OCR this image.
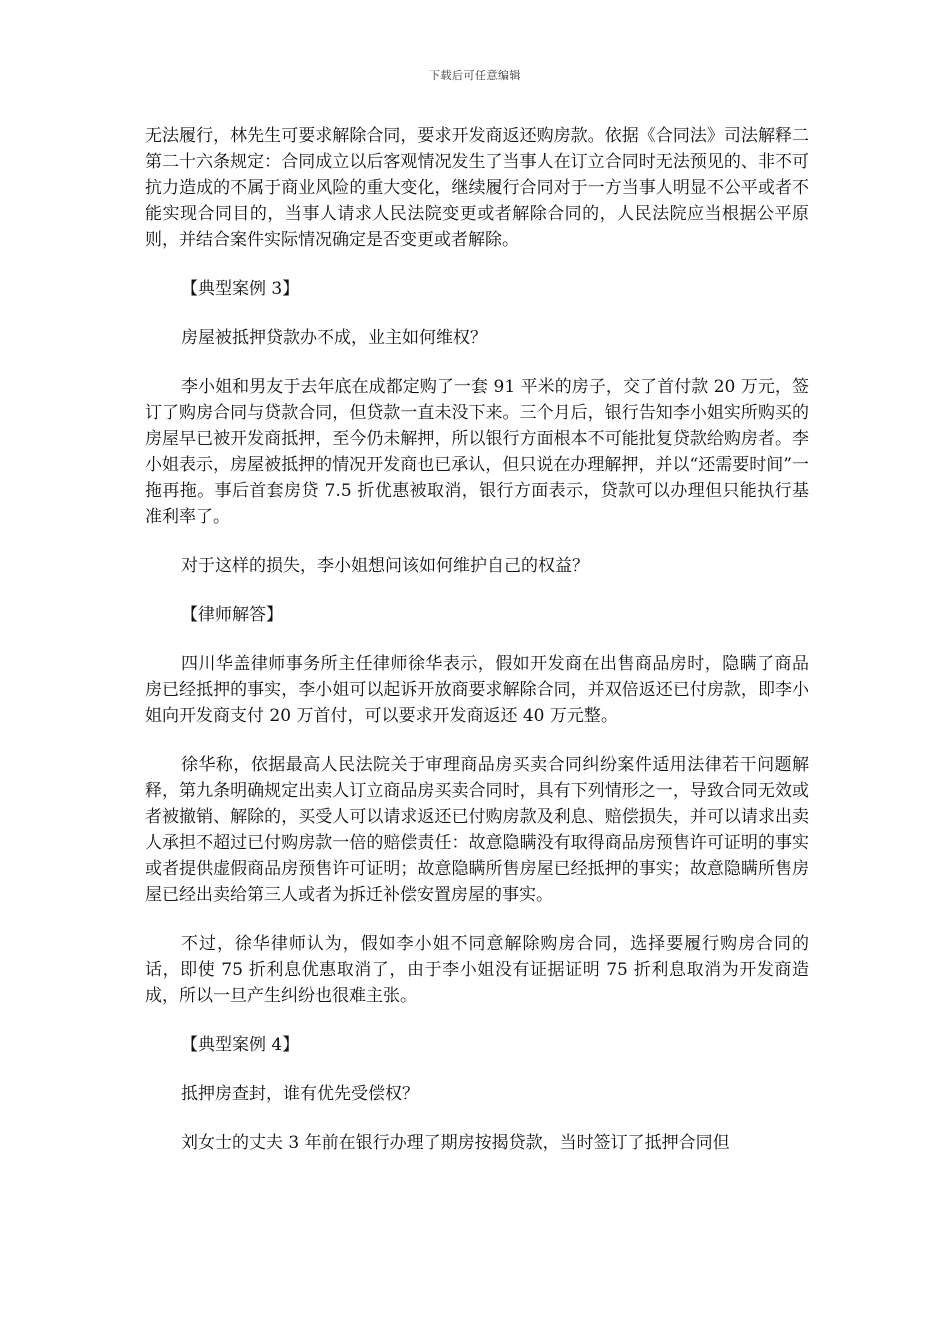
下载后可任意编辑

无法履行，林先生可要求解除合同，要求开发商返还购房款。依据《合同法》司法解释二第二十六条规定：合同成立以后客观情况发生了当事人在订立合同时无法预见的、非不可抗力造成的不属于商业风险的重大变化，继续履行合同对于一方当事人明显不公平或者不能实现合同目的，当事人请求人民法院变更或者解除合同的，人民法院应当根据公平原则，并结合案件实际情况确定是否变更或者解除。

【典型案例 3】

房屋被抵押贷款办不成，业主如何维权？

李小姐和男友于去年底在成都定购了一套 91 平米的房子，交了首付款 20 万元，签订了购房合同与贷款合同，但贷款一直未没下来。三个月后，银行告知李小姐实所购买的房屋早已被开发商抵押，至今仍未解押，所以银行方面根本不可能批复贷款给购房者。李小姐表示，房屋被抵押的情况开发商也已承认，但只说在办理解押，并以“还需要时间”一拖再拖。事后首套房贷 7.5 折优惠被取消，银行方面表示，贷款可以办理但只能执行基准利率了。

对于这样的损失，李小姐想问该如何维护自己的权益？

【律师解答】

四川华盖律师事务所主任律师徐华表示，假如开发商在出售商品房时，隐瞒了商品房已经抵押的事实，李小姐可以起诉开放商要求解除合同，并双倍返还已付房款，即李小姐向开发商支付 20 万首付，可以要求开发商返还 40 万元整。

徐华称，依据最高人民法院关于审理商品房买卖合同纠纷案件适用法律若干问题解释，第九条明确规定出卖人订立商品房买卖合同时，具有下列情形之一，导致合同无效或者被撤销、解除的，买受人可以请求返还已付购房款及利息、赔偿损失，并可以请求出卖人承担不超过已付购房款一倍的赔偿责任：故意隐瞒没有取得商品房预售许可证明的事实或者提供虚假商品房预售许可证明；故意隐瞒所售房屋已经抵押的事实；故意隐瞒所售房屋已经出卖给第三人或者为拆迁补偿安置房屋的事实。

不过，徐华律师认为，假如李小姐不同意解除购房合同，选择要履行购房合同的话，即使 75 折利息优惠取消了，由于李小姐没有证据证明 75 折利息取消为开发商造成，所以一旦产生纠纷也很难主张。

【典型案例 4】

抵押房查封，谁有优先受偿权？

刘女士的丈夫 3 年前在银行办理了期房按揭贷款，当时签订了抵押合同但
